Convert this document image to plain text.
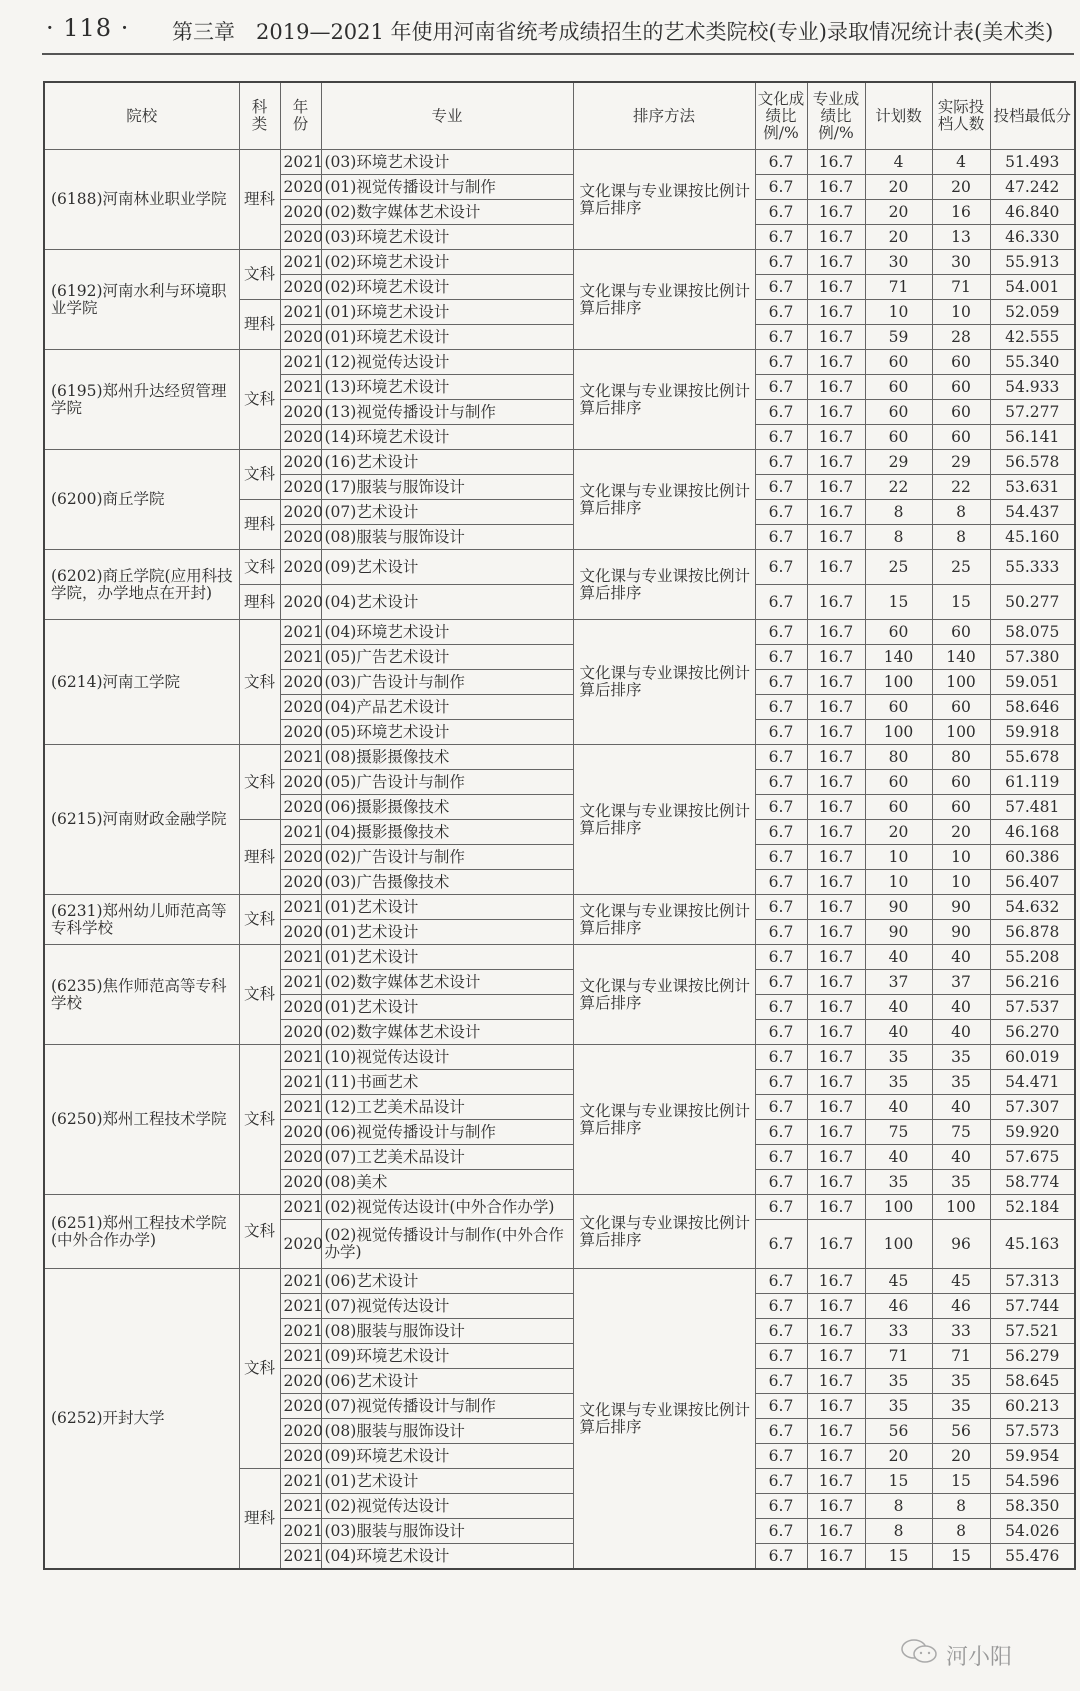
· 118 · 第三章　2019—2021 年使用河南省统考成绩招生的艺术类院校(专业)录取情况统计表(美术类)
院校	科类	年份	专业	排序方法	文化成绩比例/%	专业成绩比例/%	计划数	实际投档人数	投档最低分
(6188)河南林业职业学院	理科	2021	(03)环境艺术设计	文化课与专业课按比例计算后排序	6.7	16.7	4	4	51.493
		2020	(01)视觉传播设计与制作		6.7	16.7	20	20	47.242
		2020	(02)数字媒体艺术设计		6.7	16.7	20	16	46.840
		2020	(03)环境艺术设计		6.7	16.7	20	13	46.330
(6192)河南水利与环境职业学院	文科	2021	(02)环境艺术设计	文化课与专业课按比例计算后排序	6.7	16.7	30	30	55.913
		2020	(02)环境艺术设计		6.7	16.7	71	71	54.001
	理科	2021	(01)环境艺术设计		6.7	16.7	10	10	52.059
		2020	(01)环境艺术设计		6.7	16.7	59	28	42.555
(6195)郑州升达经贸管理学院	文科	2021	(12)视觉传达设计	文化课与专业课按比例计算后排序	6.7	16.7	60	60	55.340
		2021	(13)环境艺术设计		6.7	16.7	60	60	54.933
		2020	(13)视觉传播设计与制作		6.7	16.7	60	60	57.277
		2020	(14)环境艺术设计		6.7	16.7	60	60	56.141
(6200)商丘学院	文科	2020	(16)艺术设计	文化课与专业课按比例计算后排序	6.7	16.7	29	29	56.578
		2020	(17)服装与服饰设计		6.7	16.7	22	22	53.631
	理科	2020	(07)艺术设计		6.7	16.7	8	8	54.437
		2020	(08)服装与服饰设计		6.7	16.7	8	8	45.160
(6202)商丘学院(应用科技学院，办学地点在开封)	文科	2020	(09)艺术设计	文化课与专业课按比例计算后排序	6.7	16.7	25	25	55.333
	理科	2020	(04)艺术设计		6.7	16.7	15	15	50.277
(6214)河南工学院	文科	2021	(04)环境艺术设计	文化课与专业课按比例计算后排序	6.7	16.7	60	60	58.075
		2021	(05)广告艺术设计		6.7	16.7	140	140	57.380
		2020	(03)广告设计与制作		6.7	16.7	100	100	59.051
		2020	(04)产品艺术设计		6.7	16.7	60	60	58.646
		2020	(05)环境艺术设计		6.7	16.7	100	100	59.918
(6215)河南财政金融学院	文科	2021	(08)摄影摄像技术	文化课与专业课按比例计算后排序	6.7	16.7	80	80	55.678
		2020	(05)广告设计与制作		6.7	16.7	60	60	61.119
		2020	(06)摄影摄像技术		6.7	16.7	60	60	57.481
	理科	2021	(04)摄影摄像技术		6.7	16.7	20	20	46.168
		2020	(02)广告设计与制作		6.7	16.7	10	10	60.386
		2020	(03)广告摄像技术		6.7	16.7	10	10	56.407
(6231)郑州幼儿师范高等专科学校	文科	2021	(01)艺术设计	文化课与专业课按比例计算后排序	6.7	16.7	90	90	54.632
		2020	(01)艺术设计		6.7	16.7	90	90	56.878
(6235)焦作师范高等专科学校	文科	2021	(01)艺术设计	文化课与专业课按比例计算后排序	6.7	16.7	40	40	55.208
		2021	(02)数字媒体艺术设计		6.7	16.7	37	37	56.216
		2020	(01)艺术设计		6.7	16.7	40	40	57.537
		2020	(02)数字媒体艺术设计		6.7	16.7	40	40	56.270
(6250)郑州工程技术学院	文科	2021	(10)视觉传达设计	文化课与专业课按比例计算后排序	6.7	16.7	35	35	60.019
		2021	(11)书画艺术		6.7	16.7	35	35	54.471
		2021	(12)工艺美术品设计		6.7	16.7	40	40	57.307
		2020	(06)视觉传播设计与制作		6.7	16.7	75	75	59.920
		2020	(07)工艺美术品设计		6.7	16.7	40	40	57.675
		2020	(08)美术		6.7	16.7	35	35	58.774
(6251)郑州工程技术学院(中外合作办学)	文科	2021	(02)视觉传达设计(中外合作办学)	文化课与专业课按比例计算后排序	6.7	16.7	100	100	52.184
		2020	(02)视觉传播设计与制作(中外合作办学)		6.7	16.7	100	96	45.163
(6252)开封大学	文科	2021	(06)艺术设计	文化课与专业课按比例计算后排序	6.7	16.7	45	45	57.313
		2021	(07)视觉传达设计		6.7	16.7	46	46	57.744
		2021	(08)服装与服饰设计		6.7	16.7	33	33	57.521
		2021	(09)环境艺术设计		6.7	16.7	71	71	56.279
		2020	(06)艺术设计		6.7	16.7	35	35	58.645
		2020	(07)视觉传播设计与制作		6.7	16.7	35	35	60.213
		2020	(08)服装与服饰设计		6.7	16.7	56	56	57.573
		2020	(09)环境艺术设计		6.7	16.7	20	20	59.954
	理科	2021	(01)艺术设计		6.7	16.7	15	15	54.596
		2021	(02)视觉传达设计		6.7	16.7	8	8	58.350
		2021	(03)服装与服饰设计		6.7	16.7	8	8	54.026
		2021	(04)环境艺术设计		6.7	16.7	15	15	55.476
河小阳
